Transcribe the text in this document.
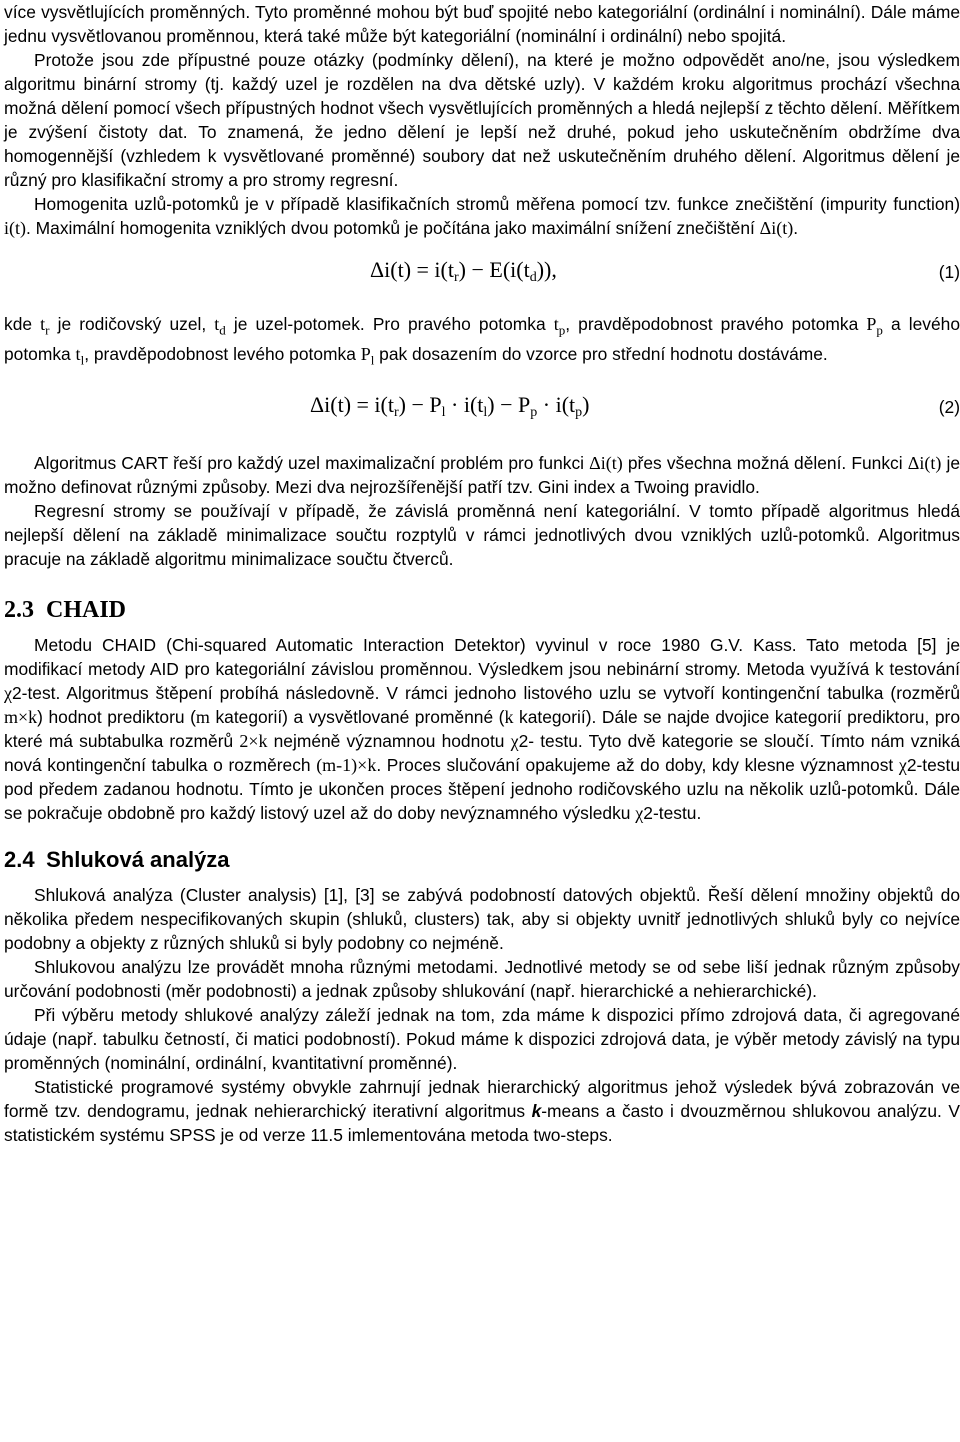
více vysvětlujících proměnných. Tyto proměnné mohou být buď spojité nebo kategoriální (ordinální i nominální). Dále máme jednu vysvětlovanou proměnnou, která také může být kategoriální (nominální i ordinální) nebo spojitá.

Protože jsou zde přípustné pouze otázky (podmínky dělení), na které je možno odpovědět ano/ne, jsou výsledkem algoritmu binární stromy (tj. každý uzel je rozdělen na dva dětské uzly). V každém kroku algoritmus prochází všechna možná dělení pomocí všech přípustných hodnot všech vysvětlujících proměnných a hledá nejlepší z těchto dělení. Měřítkem je zvýšení čistoty dat. To znamená, že jedno dělení je lepší než druhé, pokud jeho uskutečněním obdržíme dva homogennější (vzhledem k vysvětlované proměnné) soubory dat než uskutečněním druhého dělení. Algoritmus dělení je různý pro klasifikační stromy a pro stromy regresní.

Homogenita uzlů-potomků je v případě klasifikačních stromů měřena pomocí tzv. funkce znečištění (impurity function) i(t). Maximální homogenita vzniklých dvou potomků je počítána jako maximální snížení znečištění Δi(t).

$\Delta i(t) = i(t_r) - E(i(t_d))$,	(1)

kde $t_r$ je rodičovský uzel, $t_d$ je uzel-potomek. Pro pravého potomka $t_p$, pravděpodobnost pravého potomka $P_p$ a levého potomka $t_l$, pravděpodobnost levého potomka $P_l$ pak dosazením do vzorce pro střední hodnotu dostáváme.

$\Delta i(t) = i(t_r) - P_l \cdot i(t_l) - P_p \cdot i(t_p)$	(2)

Algoritmus CART řeší pro každý uzel maximalizační problém pro funkci Δi(t) přes všechna možná dělení. Funkci Δi(t) je možno definovat různými způsoby. Mezi dva nejrozšířenější patří tzv. Gini index a Twoing pravidlo.

Regresní stromy se používají v případě, že závislá proměnná není kategoriální. V tomto případě algoritmus hledá nejlepší dělení na základě minimalizace součtu rozptylů v rámci jednotlivých dvou vzniklých uzlů-potomků. Algoritmus pracuje na základě algoritmu minimalizace součtu čtverců.

2.3 CHAID

Metodu CHAID (Chi-squared Automatic Interaction Detektor) vyvinul v roce 1980 G.V. Kass. Tato metoda [5] je modifikací metody AID pro kategoriální závislou proměnnou. Výsledkem jsou nebinární stromy. Metoda využívá k testování χ2-test. Algoritmus štěpení probíhá následovně. V rámci jednoho listového uzlu se vytvoří kontingenční tabulka (rozměrů m×k) hodnot prediktoru (m kategorií) a vysvětlované proměnné (k kategorií). Dále se najde dvojice kategorií prediktoru, pro které má subtabulka rozměrů 2×k nejméně významnou hodnotu χ2- testu. Tyto dvě kategorie se sloučí. Tímto nám vzniká nová kontingenční tabulka o rozměrech (m-1)×k. Proces slučování opakujeme až do doby, kdy klesne významnost χ2-testu pod předem zadanou hodnotu. Tímto je ukončen proces štěpení jednoho rodičovského uzlu na několik uzlů-potomků. Dále se pokračuje obdobně pro každý listový uzel až do doby nevýznamného výsledku χ2-testu.

2.4 Shluková analýza

Shluková analýza (Cluster analysis) [1], [3] se zabývá podobností datových objektů. Řeší dělení množiny objektů do několika předem nespecifikovaných skupin (shluků, clusters) tak, aby si objekty uvnitř jednotlivých shluků byly co nejvíce podobny a objekty z různých shluků si byly podobny co nejméně.

Shlukovou analýzu lze provádět mnoha různými metodami. Jednotlivé metody se od sebe liší jednak různým způsoby určování podobnosti (měr podobnosti) a jednak způsoby shlukování (např. hierarchické a nehierarchické).

Při výběru metody shlukové analýzy záleží jednak na tom, zda máme k dispozici přímo zdrojová data, či agregované údaje (např. tabulku četností, či matici podobností). Pokud máme k dispozici zdrojová data, je výběr metody závislý na typu proměnných (nominální, ordinální, kvantitativní proměnné).

Statistické programové systémy obvykle zahrnují jednak hierarchický algoritmus jehož výsledek bývá zobrazován ve formě tzv. dendogramu, jednak nehierarchický iterativní algoritmus k-means a často i dvouzměrnou shlukovou analýzu. V statistickém systému SPSS je od verze 11.5 imlementována metoda two-steps.
